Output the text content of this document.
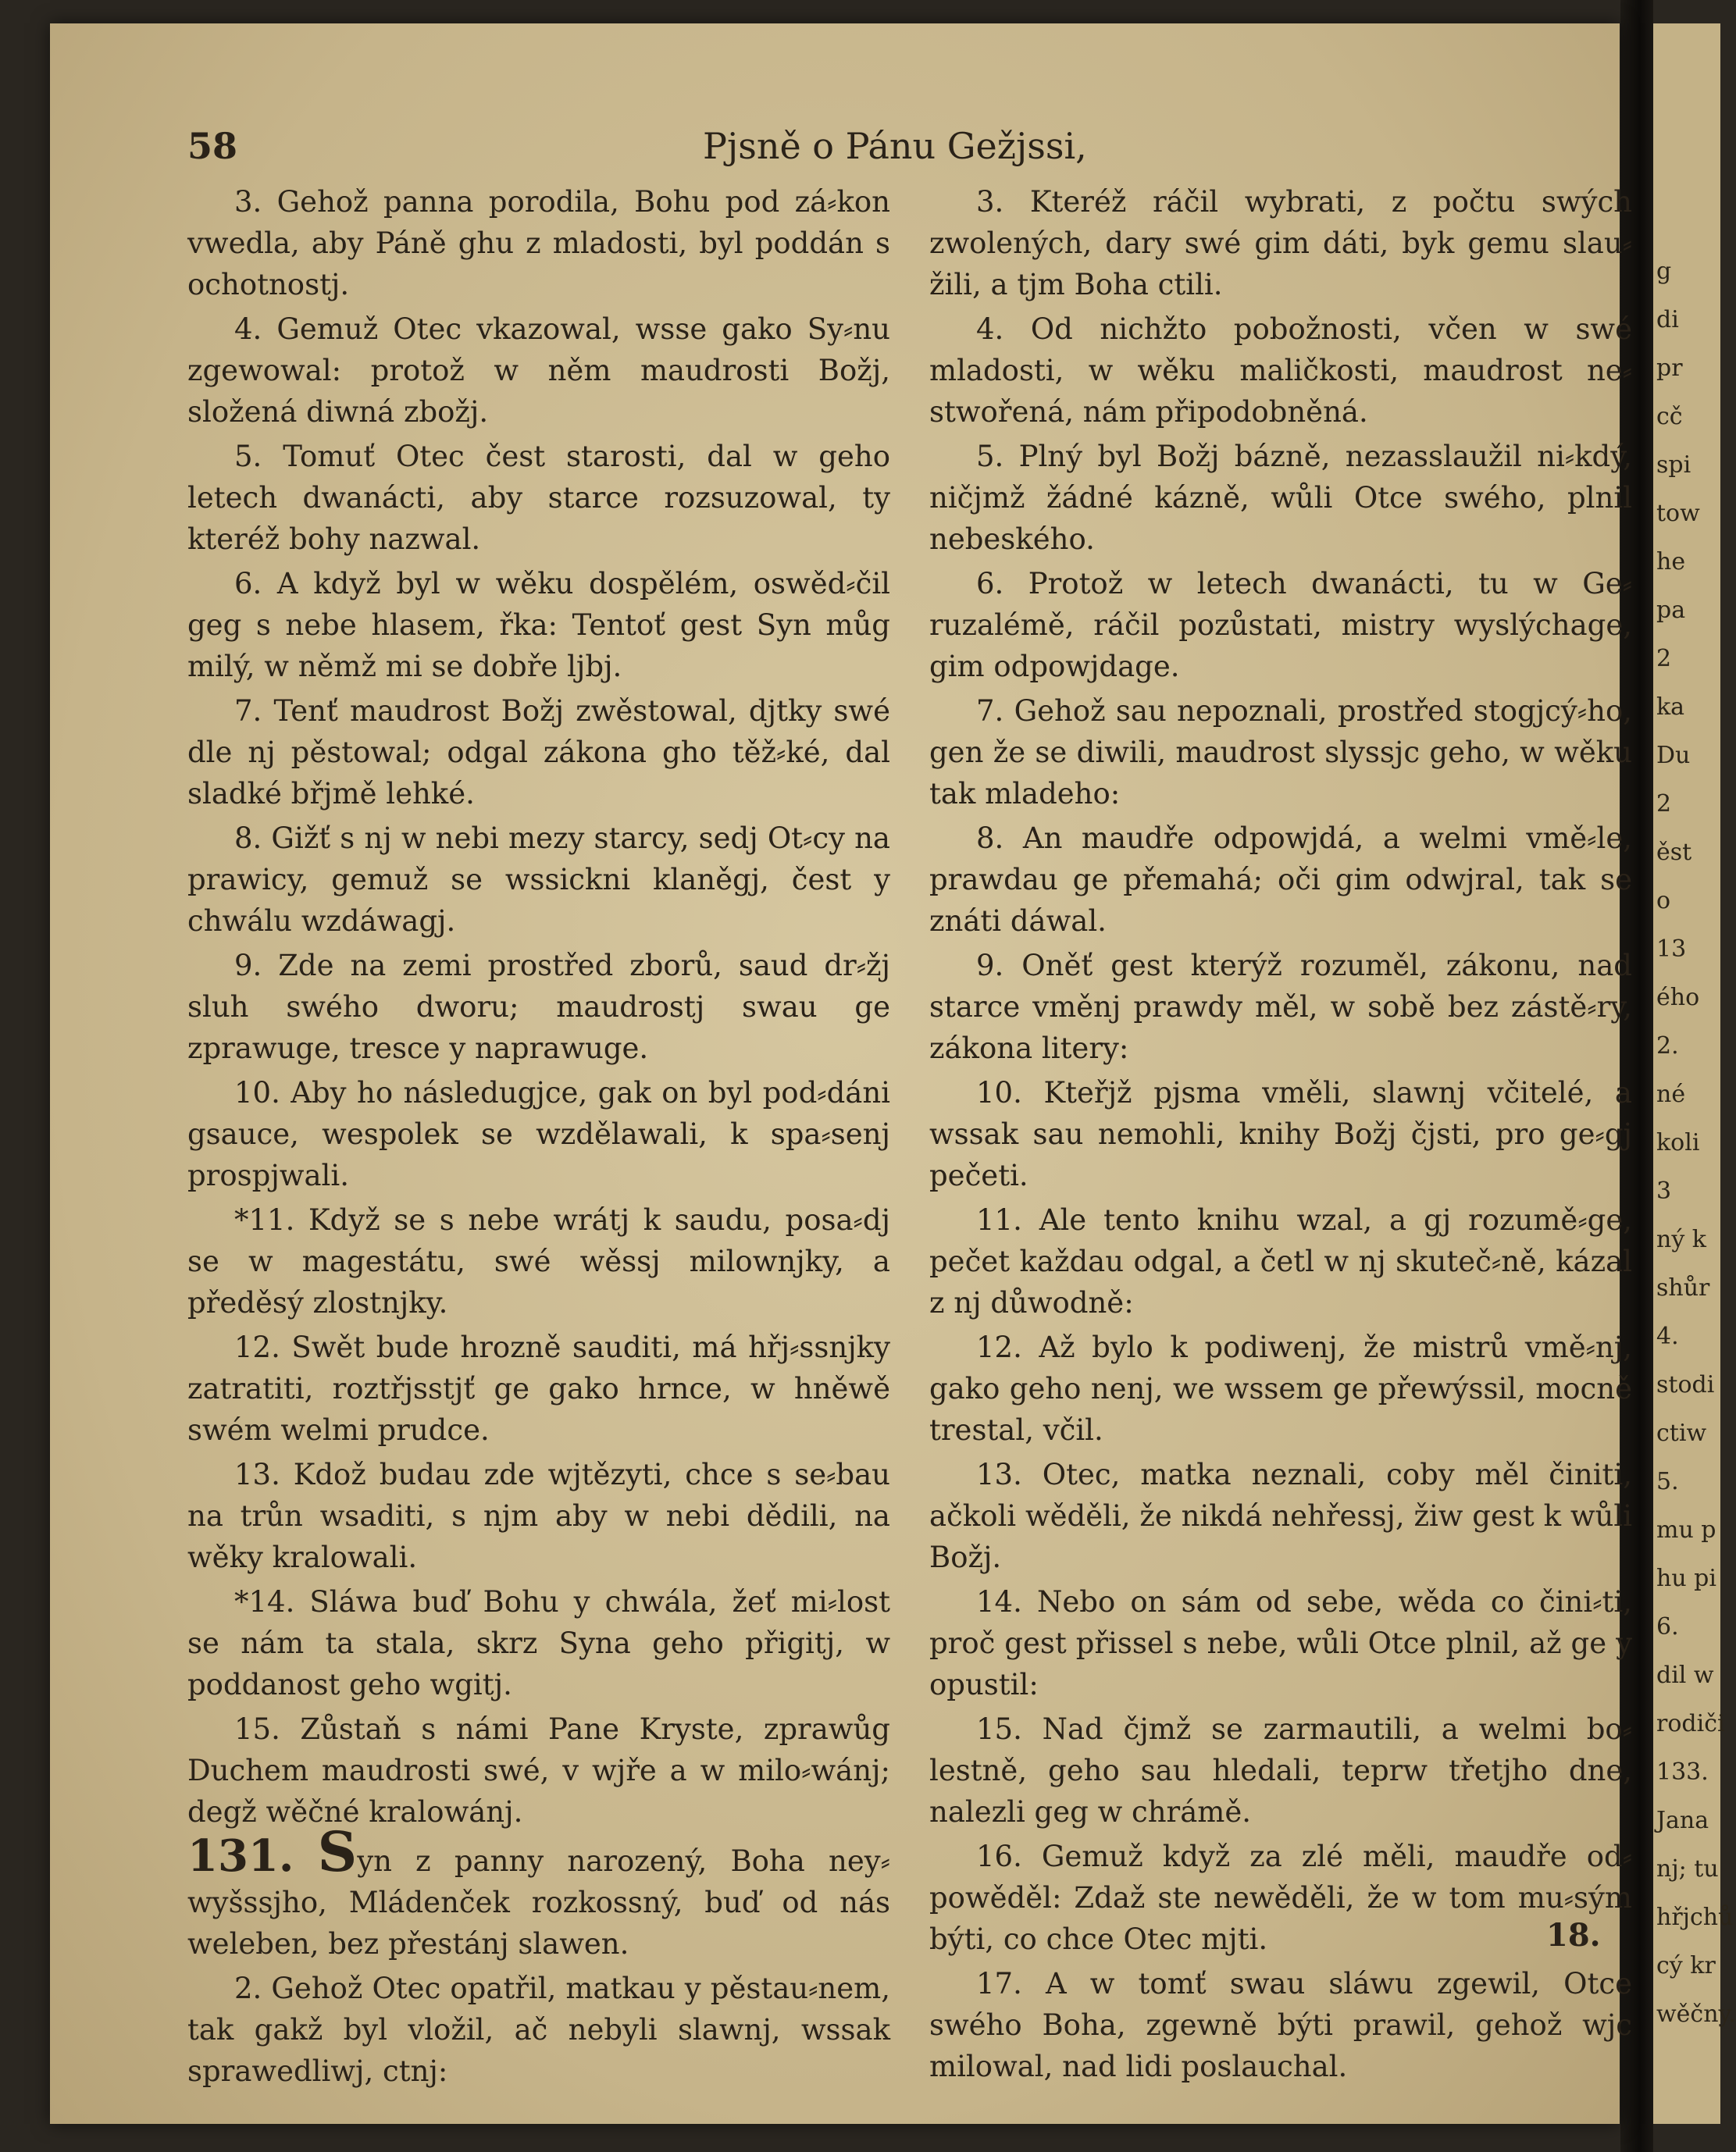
g
di
pr
cč
spi
tow
he
pa
2
ka
Du
2
ěst
o
13
ého
2.
né
koli
3
ný k
shůr
4.
stodi
ctiw
5.
mu p
hu pi
6.
dil w
rodiči
133.
Jana
nj; tu
hřjchů
cý kr
wěčny.
58	Pjsně o Pánu Gežjssi,

3. Gehož panna porodila, Bohu pod zá⸗kon vwedla, aby Páně ghu z mladosti, byl poddán s ochotnostj.

4. Gemuž Otec vkazowal, wsse gako Sy⸗nu zgewowal: protož w něm maudrosti Božj, složená diwná zbožj.

5. Tomuť Otec čest starosti, dal w geho letech dwanácti, aby starce rozsuzowal, ty kteréž bohy nazwal.

6. A když byl w wěku dospělém, oswěd⸗čil geg s nebe hlasem, řka: Tentoť gest Syn můg milý, w němž mi se dobře ljbj.

7. Tenť maudrost Božj zwěstowal, djtky swé dle nj pěstowal; odgal zákona gho těž⸗ké, dal sladké břjmě lehké.

8. Gižť s nj w nebi mezy starcy, sedj Ot⸗cy na prawicy, gemuž se wssickni klaněgj, čest y chwálu wzdáwagj.

9. Zde na zemi prostřed zborů, saud dr⸗žj sluh swého dworu; maudrostj swau ge zprawuge, tresce y naprawuge.

10. Aby ho následugjce, gak on byl pod⸗dáni gsauce, wespolek se wzdělawali, k spa⸗senj prospjwali.

*11. Když se s nebe wrátj k saudu, posa⸗dj se w magestátu, swé wěssj milownjky, a předěsý zlostnjky.

12. Swět bude hrozně sauditi, má hřj⸗ssnjky zatratiti, roztřjsstjť ge gako hrnce, w hněwě swém welmi prudce.

13. Kdož budau zde wjtězyti, chce s se⸗bau na trůn wsaditi, s njm aby w nebi dědili, na wěky kralowali.

*14. Sláwa buď Bohu y chwála, žeť mi⸗lost se nám ta stala, skrz Syna geho přigitj, w poddanost geho wgitj.

15. Zůstaň s námi Pane Kryste, zprawůg Duchem maudrosti swé, v wjře a w milo⸗wánj; degž wěčné kralowánj.

131. Syn z panny narozený, Boha ney⸗wyšssjho, Mládenček rozkossný, buď od nás weleben, bez přestánj slawen.

2. Gehož Otec opatřil, matkau y pěstau⸗nem, tak gakž byl vložil, ač nebyli slawnj, wssak sprawedliwj, ctnj:

3. Kteréž ráčil wybrati, z počtu swých zwolených, dary swé gim dáti, byk gemu slau⸗žili, a tjm Boha ctili.

4. Od nichžto pobožnosti, včen w swé mladosti, w wěku maličkosti, maudrost ne⸗stwořená, nám připodobněná.

5. Plný byl Božj bázně, nezasslaužil ni⸗kdý, ničjmž žádné kázně, wůli Otce swého, plnil nebeského.

6. Protož w letech dwanácti, tu w Ge⸗ruzalémě, ráčil pozůstati, mistry wyslýchage, gim odpowjdage.

7. Gehož sau nepoznali, prostřed stogjcý⸗ho, gen že se diwili, maudrost slyssjc geho, w wěku tak mladeho:

8. An maudře odpowjdá, a welmi vmě⸗le, prawdau ge přemahá; oči gim odwjral, tak se znáti dáwal.

9. Oněť gest kterýž rozuměl, zákonu, nad starce vměnj prawdy měl, w sobě bez zástě⸗ry, zákona litery:

10. Kteřjž pjsma vměli, slawnj včitelé, a wssak sau nemohli, knihy Božj čjsti, pro ge⸗gj pečeti.

11. Ale tento knihu wzal, a gj rozumě⸗ge, pečet každau odgal, a četl w nj skuteč⸗ně, kázal z nj důwodně:

12. Až bylo k podiwenj, že mistrů vmě⸗nj, gako geho nenj, we wssem ge přewýssil, mocně trestal, včil.

13. Otec, matka neznali, coby měl činiti, ačkoli wěděli, že nikdá nehřessj, žiw gest k wůli Božj.

14. Nebo on sám od sebe, wěda co čini⸗ti, proč gest přissel s nebe, wůli Otce plnil, až ge y opustil:

15. Nad čjmž se zarmautili, a welmi bo⸗lestně, geho sau hledali, teprw třetjho dne, nalezli geg w chrámě.

16. Gemuž když za zlé měli, maudře od⸗powěděl: Zdaž ste newěděli, že w tom mu⸗sým býti, co chce Otec mjti.

17. A w tomť swau sláwu zgewil, Otce swého Boha, zgewně býti prawil, gehož wjc milowal, nad lidi poslauchal.

18.
